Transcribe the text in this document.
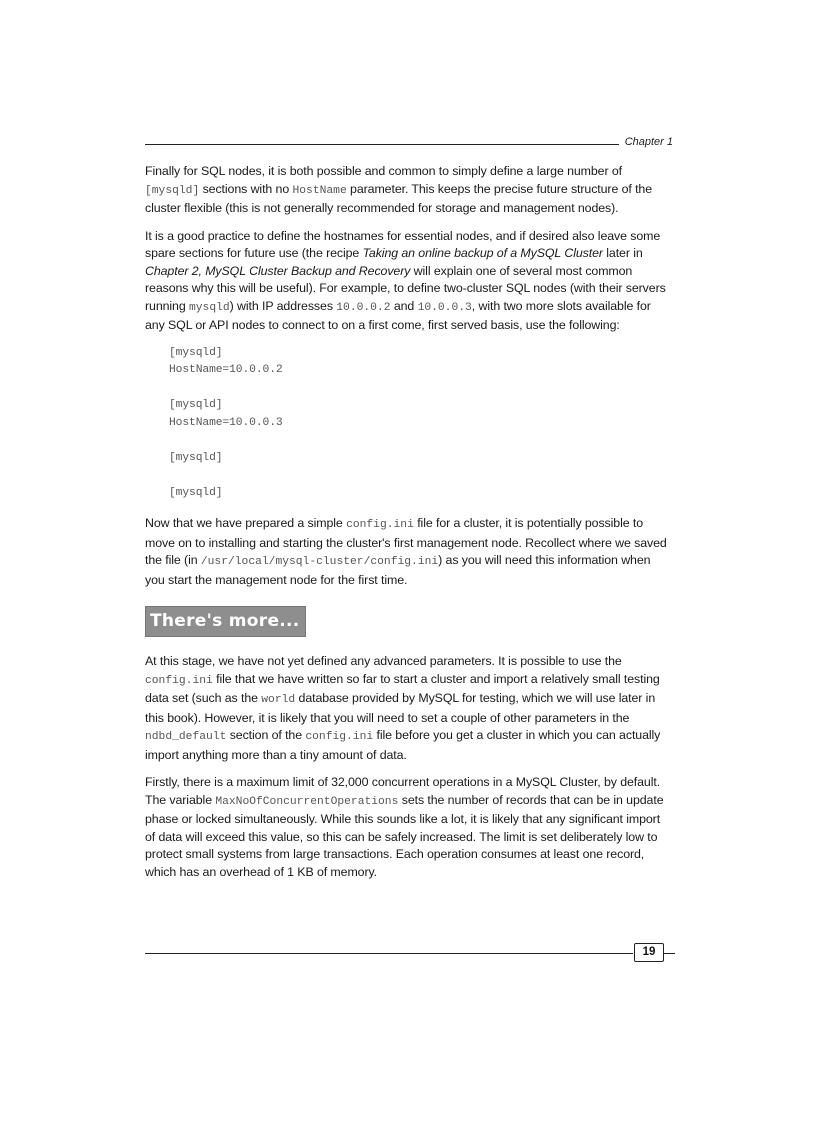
Chapter 1

Finally for SQL nodes, it is both possible and common to simply define a large number of [mysqld] sections with no HostName parameter. This keeps the precise future structure of the cluster flexible (this is not generally recommended for storage and management nodes).

It is a good practice to define the hostnames for essential nodes, and if desired also leave some spare sections for future use (the recipe Taking an online backup of a MySQL Cluster later in Chapter 2, MySQL Cluster Backup and Recovery will explain one of several most common reasons why this will be useful). For example, to define two-cluster SQL nodes (with their servers running mysqld) with IP addresses 10.0.0.2 and 10.0.0.3, with two more slots available for any SQL or API nodes to connect to on a first come, first served basis, use the following:

[mysqld]
HostName=10.0.0.2
[mysqld]
HostName=10.0.0.3
[mysqld]
[mysqld]

Now that we have prepared a simple config.ini file for a cluster, it is potentially possible to move on to installing and starting the cluster's first management node. Recollect where we saved the file (in /usr/local/mysql-cluster/config.ini) as you will need this information when you start the management node for the first time.

There's more...

At this stage, we have not yet defined any advanced parameters. It is possible to use the config.ini file that we have written so far to start a cluster and import a relatively small testing data set (such as the world database provided by MySQL for testing, which we will use later in this book). However, it is likely that you will need to set a couple of other parameters in the ndbd_default section of the config.ini file before you get a cluster in which you can actually import anything more than a tiny amount of data.

Firstly, there is a maximum limit of 32,000 concurrent operations in a MySQL Cluster, by default. The variable MaxNoOfConcurrentOperations sets the number of records that can be in update phase or locked simultaneously. While this sounds like a lot, it is likely that any significant import of data will exceed this value, so this can be safely increased. The limit is set deliberately low to protect small systems from large transactions. Each operation consumes at least one record, which has an overhead of 1 KB of memory.

19
